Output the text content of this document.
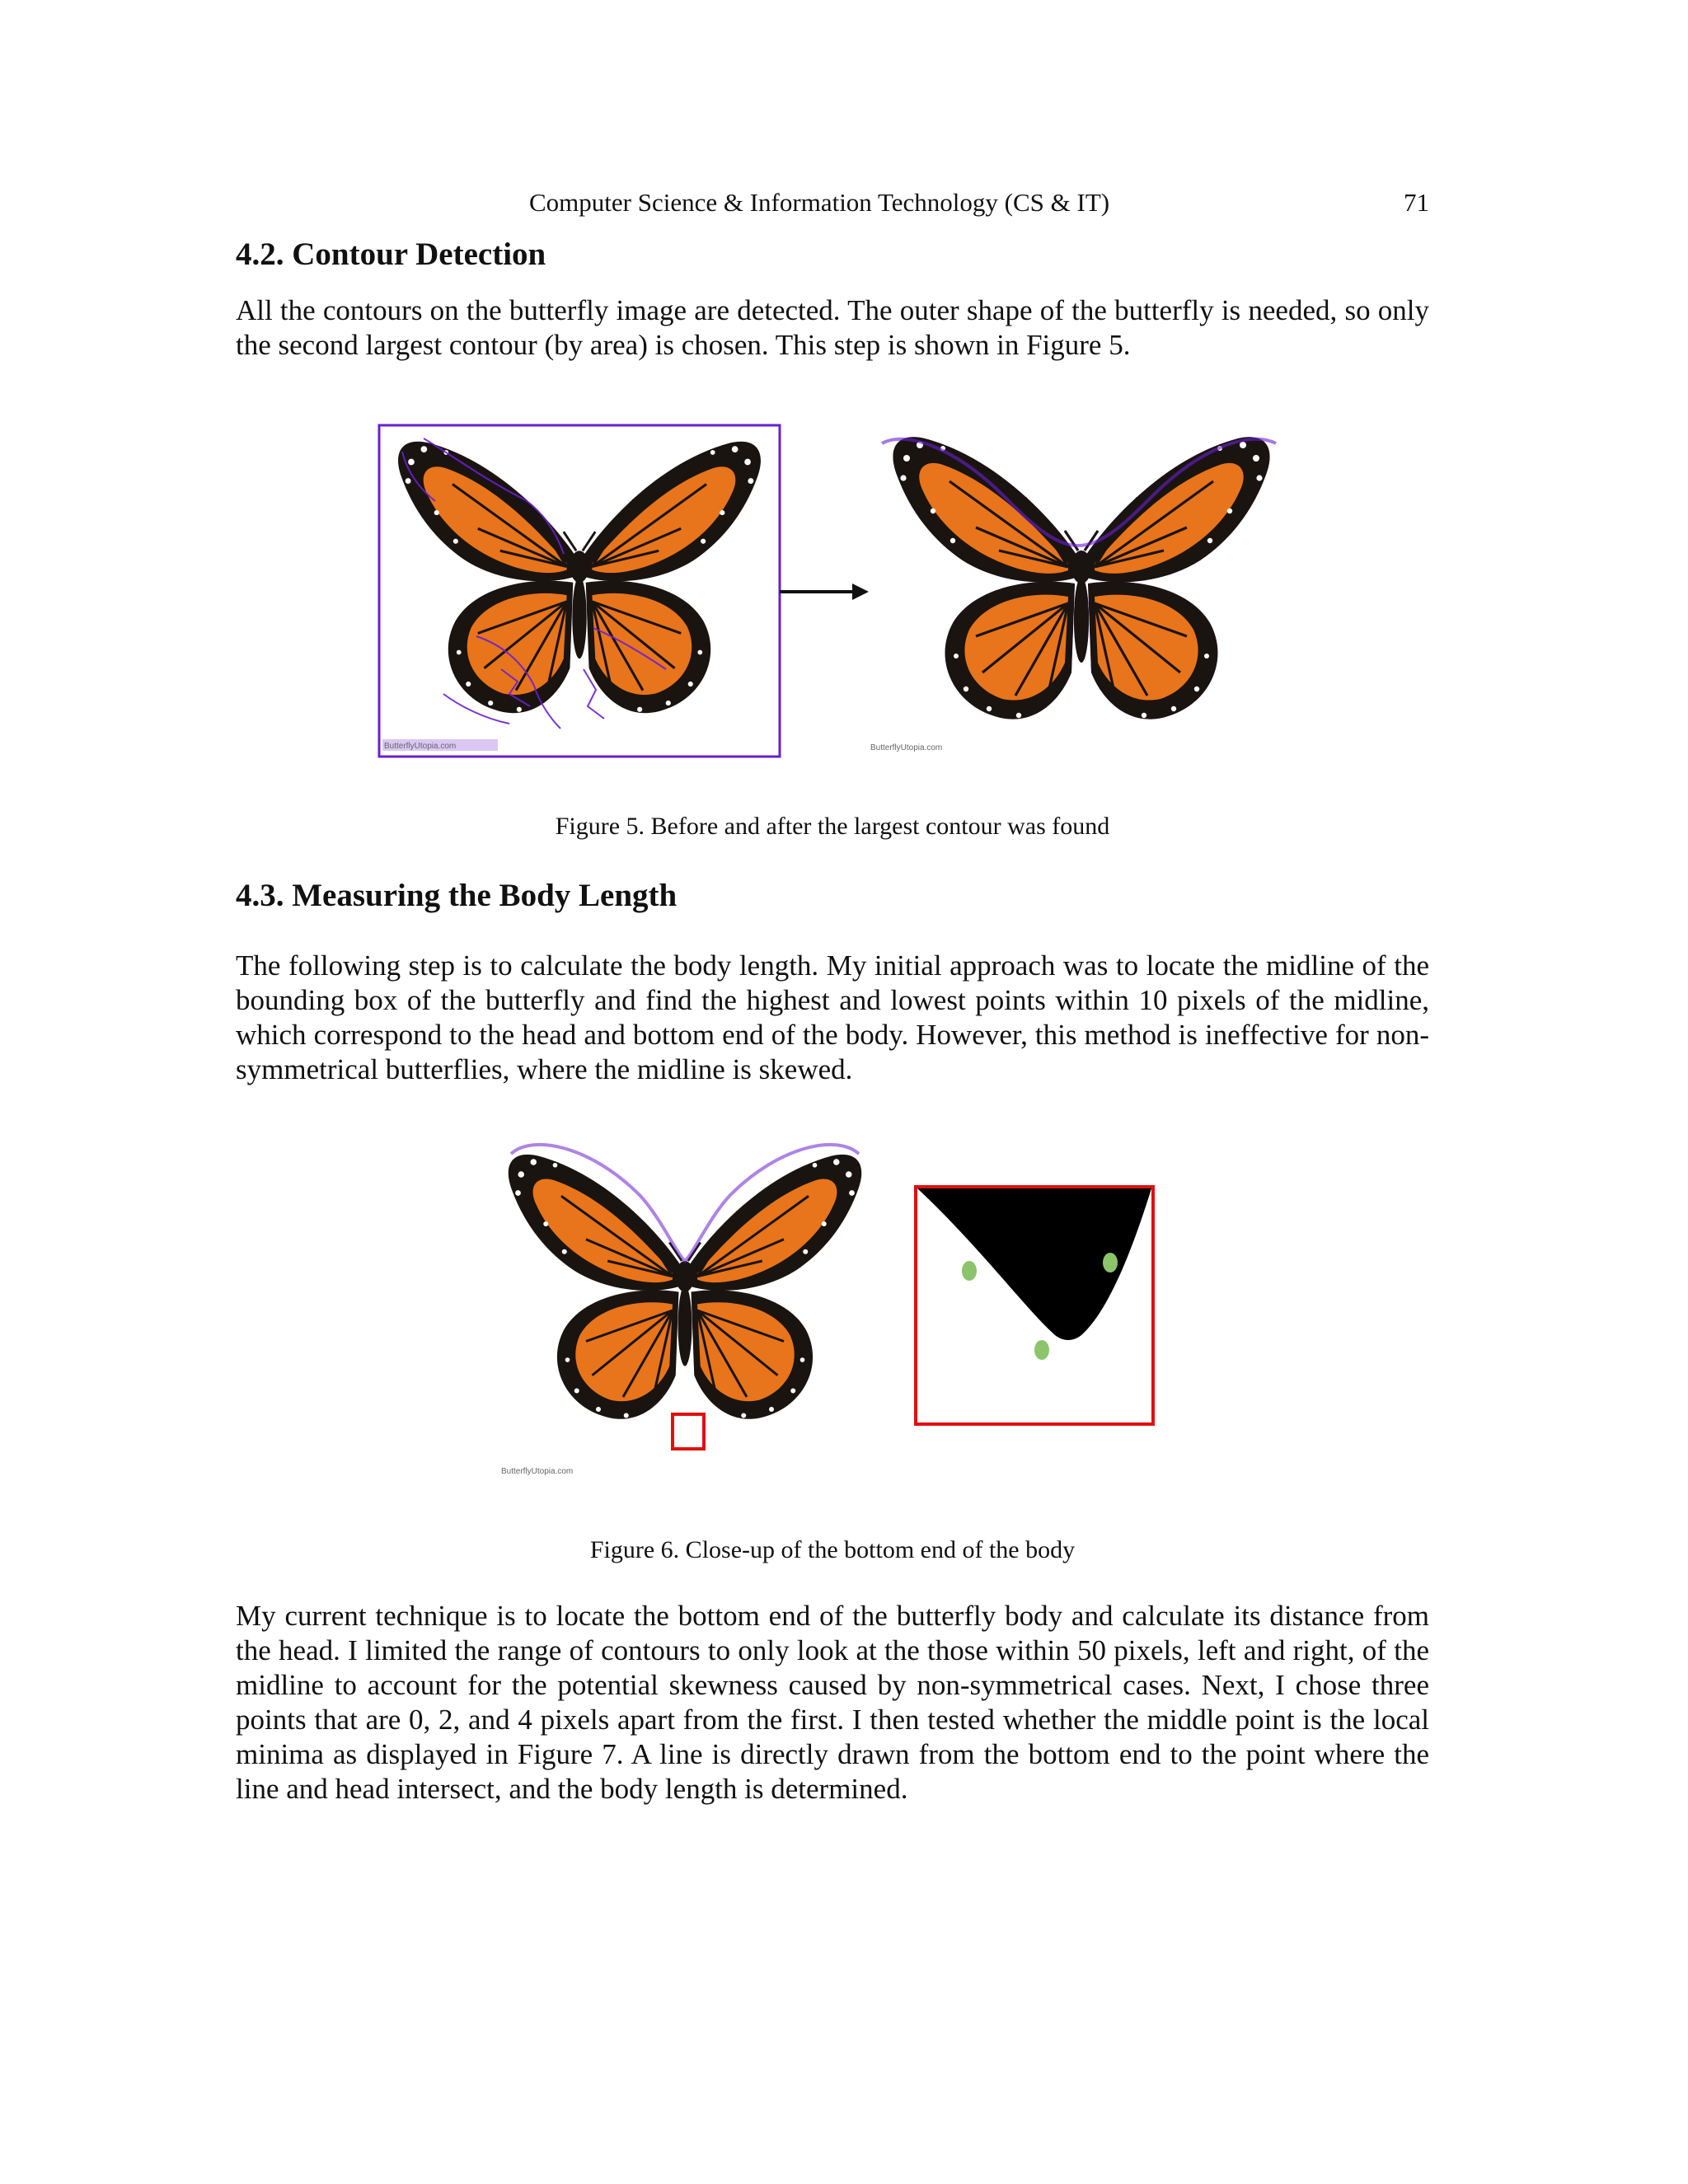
Computer Science & Information Technology (CS & IT)	71
4.2. Contour Detection

All the contours on the butterfly image are detected. The outer shape of the butterfly is needed, so only the second largest contour (by area) is chosen. This step is shown in Figure 5.

ButterflyUtopia.com	ButterflyUtopia.com
Figure 5. Before and after the largest contour was found
4.3. Measuring the Body Length

The following step is to calculate the body length. My initial approach was to locate the midline of the bounding box of the butterfly and find the highest and lowest points within 10 pixels of the midline, which correspond to the head and bottom end of the body. However, this method is ineffective for non-symmetrical butterflies, where the midline is skewed.

ButterflyUtopia.com
Figure 6. Close-up of the bottom end of the body

My current technique is to locate the bottom end of the butterfly body and calculate its distance from the head. I limited the range of contours to only look at the those within 50 pixels, left and right, of the midline to account for the potential skewness caused by non-symmetrical cases. Next, I chose three points that are 0, 2, and 4 pixels apart from the first. I then tested whether the middle point is the local minima as displayed in Figure 7. A line is directly drawn from the bottom end to the point where the line and head intersect, and the body length is determined.
